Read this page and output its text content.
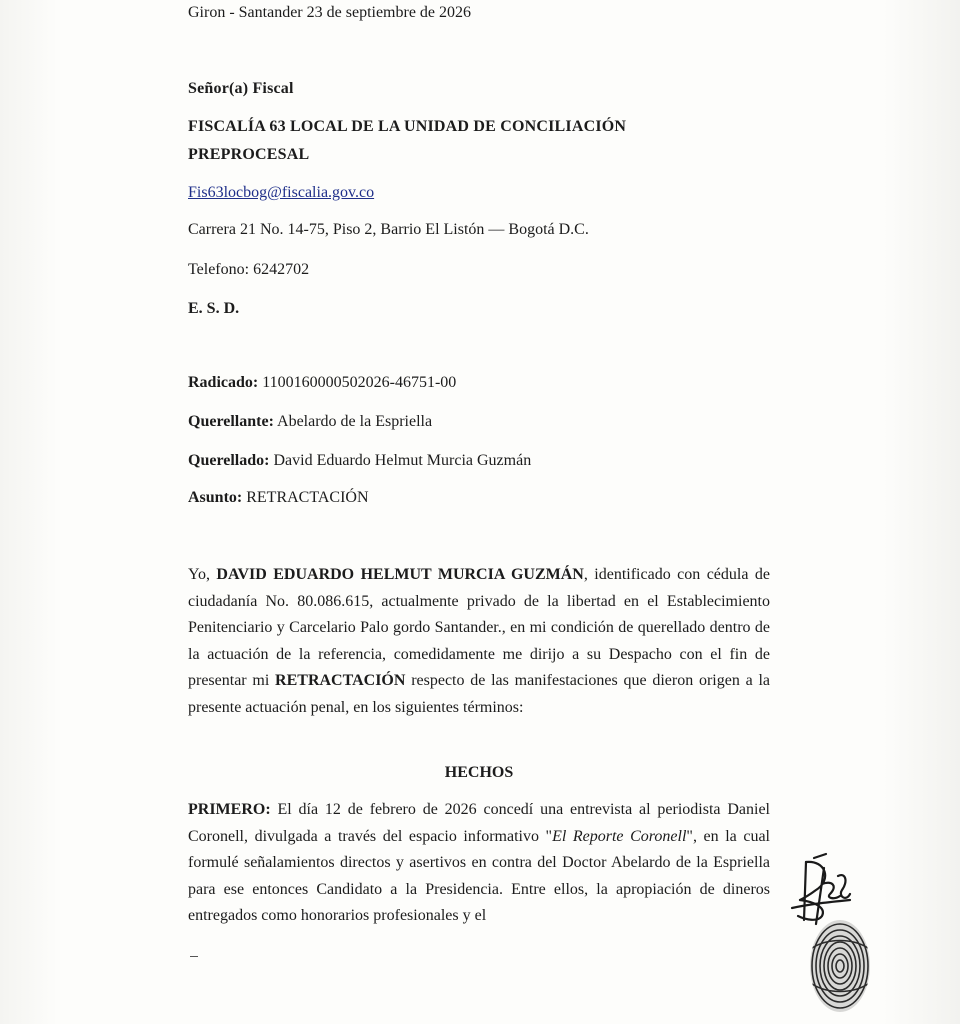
Giron - Santander 23 de septiembre de 2026
Señor(a) Fiscal
FISCALÍA 63 LOCAL DE LA UNIDAD DE CONCILIACIÓN
PREPROCESAL
Fis63locbog@fiscalia.gov.co
Carrera 21 No. 14-75, Piso 2, Barrio El Listón — Bogotá D.C.
Telefono: 6242702
E. S. D.
Radicado: 1100160000502026-46751-00
Querellante: Abelardo de la Espriella
Querellado: David Eduardo Helmut Murcia Guzmán
Asunto: RETRACTACIÓN

Yo, DAVID EDUARDO HELMUT MURCIA GUZMÁN, identificado con cédula de ciudadanía No. 80.086.615, actualmente privado de la libertad en el Establecimiento Penitenciario y Carcelario Palo gordo Santander., en mi condición de querellado dentro de la actuación de la referencia, comedidamente me dirijo a su Despacho con el fin de presentar mi RETRACTACIÓN respecto de las manifestaciones que dieron origen a la presente actuación penal, en los siguientes términos:

HECHOS

PRIMERO: El día 12 de febrero de 2026 concedí una entrevista al periodista Daniel Coronell, divulgada a través del espacio informativo "El Reporte Coronell", en la cual formulé señalamientos directos y asertivos en contra del Doctor Abelardo de la Espriella para ese entonces Candidato a la Presidencia. Entre ellos, la apropiación de dineros entregados como honorarios profesionales y el
